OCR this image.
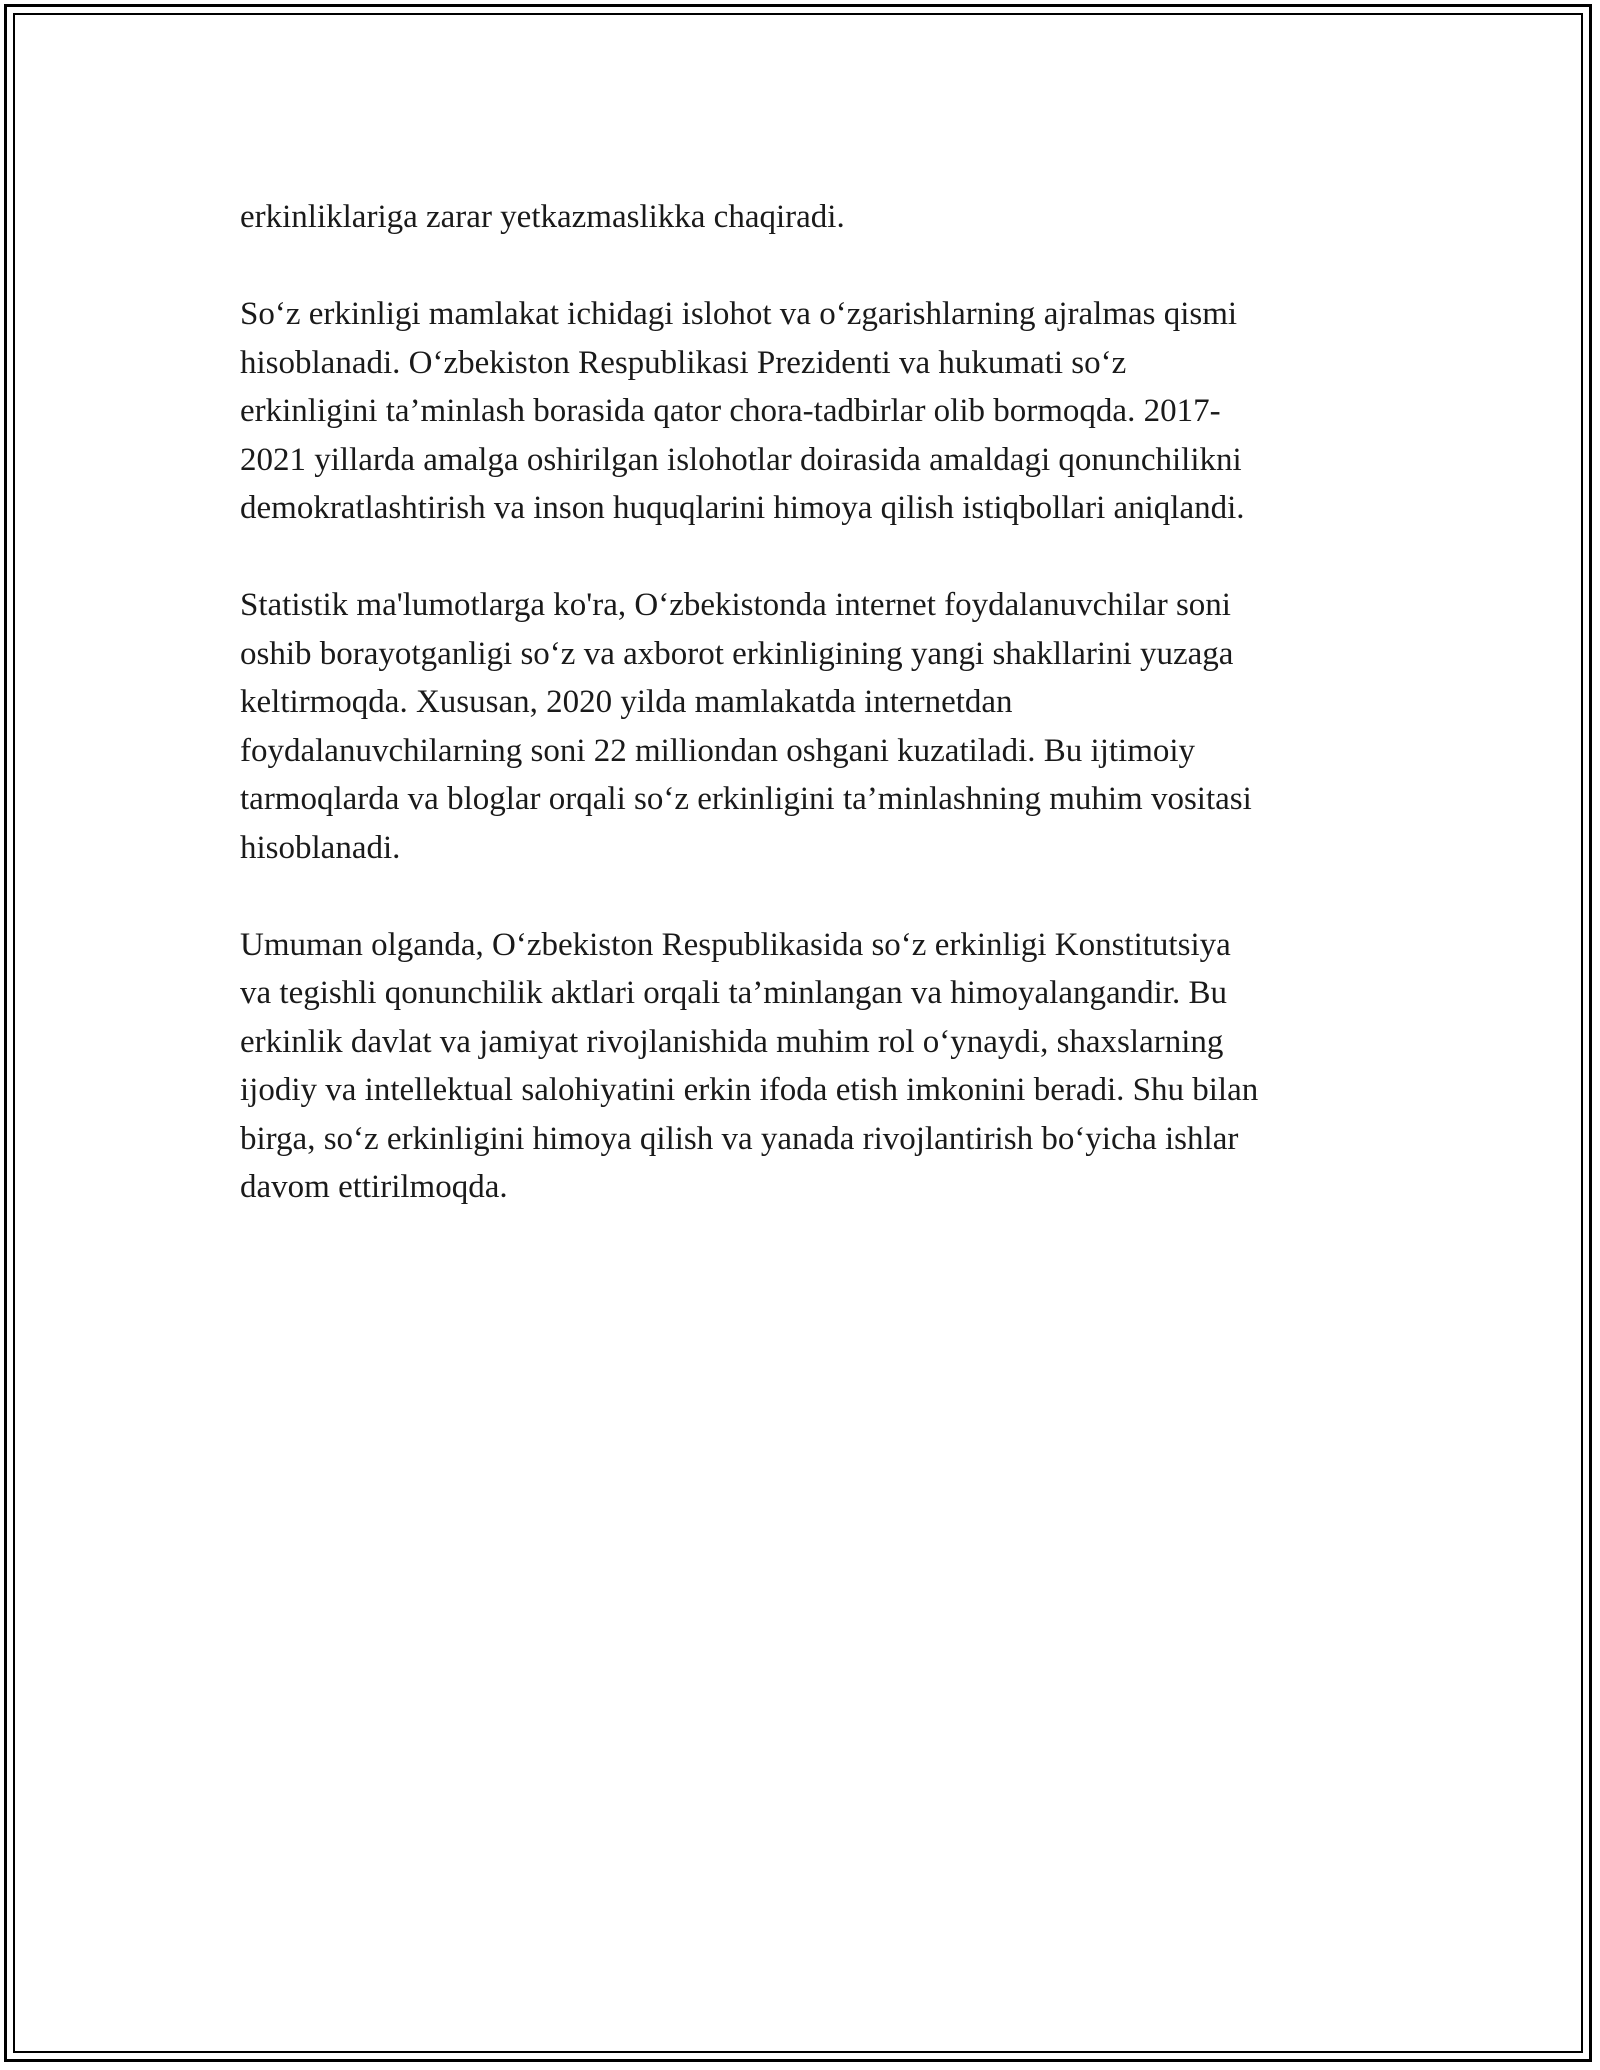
erkinliklariga zarar yetkazmaslikka chaqiradi.

So‘z erkinligi mamlakat ichidagi islohot va o‘zgarishlarning ajralmas qismi
hisoblanadi. O‘zbekiston Respublikasi Prezidenti va hukumati so‘z
erkinligini ta’minlash borasida qator chora-tadbirlar olib bormoqda. 2017-
2021 yillarda amalga oshirilgan islohotlar doirasida amaldagi qonunchilikni
demokratlashtirish va inson huquqlarini himoya qilish istiqbollari aniqlandi.

Statistik ma'lumotlarga ko'ra, O‘zbekistonda internet foydalanuvchilar soni
oshib borayotganligi so‘z va axborot erkinligining yangi shakllarini yuzaga
keltirmoqda. Xususan, 2020 yilda mamlakatda internetdan
foydalanuvchilarning soni 22 milliondan oshgani kuzatiladi. Bu ijtimoiy
tarmoqlarda va bloglar orqali so‘z erkinligini ta’minlashning muhim vositasi
hisoblanadi.

Umuman olganda, O‘zbekiston Respublikasida so‘z erkinligi Konstitutsiya
va tegishli qonunchilik aktlari orqali ta’minlangan va himoyalangandir. Bu
erkinlik davlat va jamiyat rivojlanishida muhim rol o‘ynaydi, shaxslarning
ijodiy va intellektual salohiyatini erkin ifoda etish imkonini beradi. Shu bilan
birga, so‘z erkinligini himoya qilish va yanada rivojlantirish bo‘yicha ishlar
davom ettirilmoqda.
